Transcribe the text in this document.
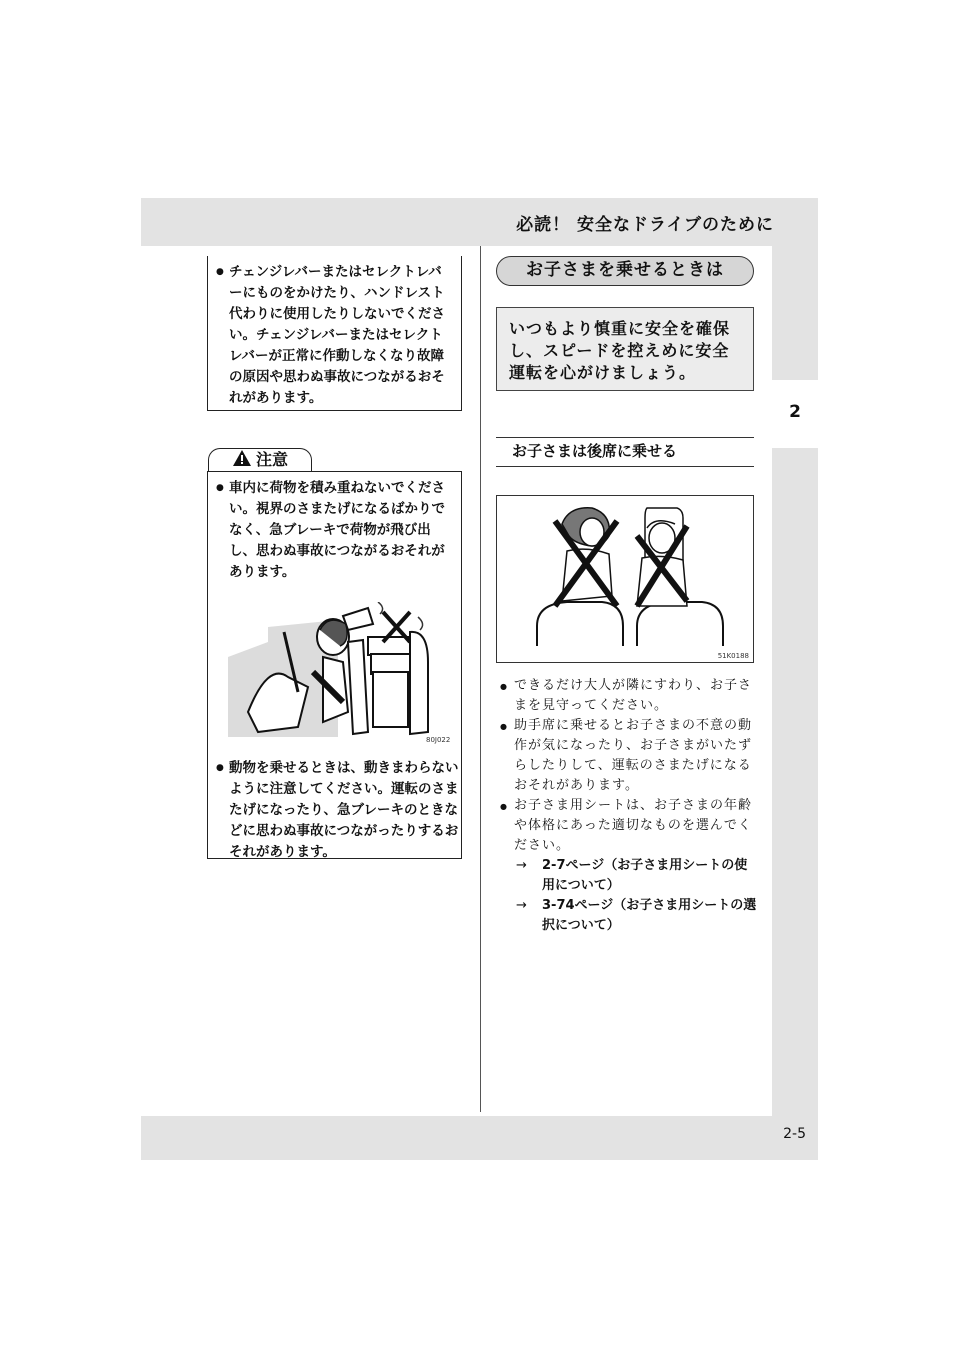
必読！ 安全なドライブのために
2
● チェンジレバーまたはセレクトレバーにものをかけたり、ハンドレスト代わりに使用したりしないでください。チェンジレバーまたはセレクトレバーが正常に作動しなくなり故障の原因や思わぬ事故につながるおそれがあります。
注意
● 車内に荷物を積み重ねないでください。視界のさまたげになるばかりでなく、急ブレーキで荷物が飛び出し、思わぬ事故につながるおそれがあります。
80J022
● 動物を乗せるときは、動きまわらないように注意してください。運転のさまたげになったり、急ブレーキのときなどに思わぬ事故につながったりするおそれがあります。
お子さまを乗せるときは
いつもより慎重に安全を確保し、スピードを控えめに安全運転を心がけましょう。
お子さまは後席に乗せる
51K0188
● できるだけ大人が隣にすわり、お子さまを見守ってください。
● 助手席に乗せるとお子さまの不意の動作が気になったり、お子さまがいたずらしたりして、運転のさまたげになるおそれがあります。
● お子さま用シートは、お子さまの年齢や体格にあった適切なものを選んでください。
→ 2-7ページ（お子さま用シートの使用について）
→ 3-74ページ（お子さま用シートの選択について）
2-5
